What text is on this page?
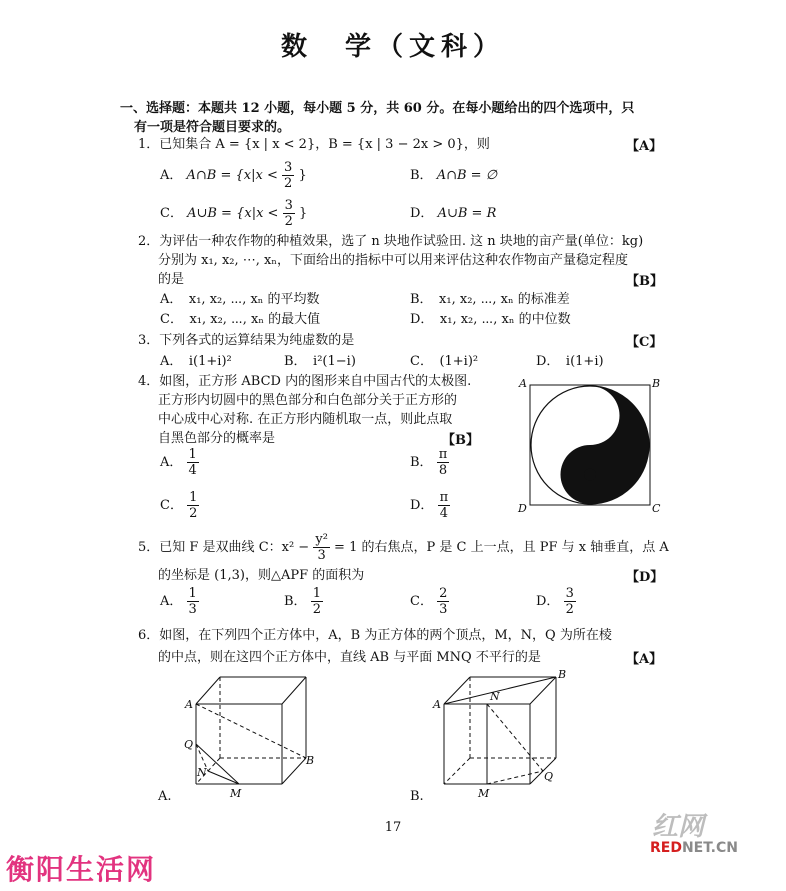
数　学（文科）
一、选择题：本题共 12 小题，每小题 5 分，共 60 分。在每小题给出的四个选项中，只
有一项是符合题目要求的。
1．已知集合 A = {x | x < 2}，B = {x | 3 − 2x > 0}，则	【A】
A． A∩B = {$x|x < \frac{3}{2}$ }	B． A∩B = ∅
C． A∪B = {$x|x < \frac{3}{2}$ }	D． A∪B = R
2．为评估一种农作物的种植效果，选了 n 块地作试验田. 这 n 块地的亩产量(单位：kg)
分别为 x₁, x₂, ⋯, xₙ，下面给出的指标中可以用来评估这种农作物亩产量稳定程度
的是	【B】
A．　x₁, x₂, ⋯, xₙ 的平均数	B．　x₁, x₂, ⋯, xₙ 的标准差
C．　x₁, x₂, ⋯, xₙ 的最大值	D．　x₁, x₂, ⋯, xₙ 的中位数
3．下列各式的运算结果为纯虚数的是	【C】
A．　i(1+i)²	B．　i²(1−i)	C．　(1+i)²	D．　i(1+i)
4．如图，正方形 ABCD 内的图形来自中国古代的太极图.
正方形内切圆中的黑色部分和白色部分关于正方形的
中心成中心对称. 在正方形内随机取一点，则此点取
自黑色部分的概率是	【B】
A． $\frac{1}{4}$	B． $\frac{\pi}{8}$
C． $\frac{1}{2}$	D． $\frac{\pi}{4}$
A	B
C
D
5．已知 F 是双曲线 C：$x^2 - \frac{\text{y²}}{3} = 1$ 的右焦点，P 是 C 上一点，且 PF 与 x 轴垂直，点 A
的坐标是 (1,3)，则△APF 的面积为	【D】
A． $\frac{1}{3}$	B． $\frac{1}{2}$	C． $\frac{2}{3}$	D． $\frac{3}{2}$
6．如图，在下列四个正方体中，A，B 为正方体的两个顶点，M，N，Q 为所在棱
的中点，则在这四个正方体中，直线 AB 与平面 MNQ 不平行的是	【A】
A
B
Q
N
M
A.
A
B
N
Q
M
B.
17
衡阳生活网
红网
REDNET.CN
